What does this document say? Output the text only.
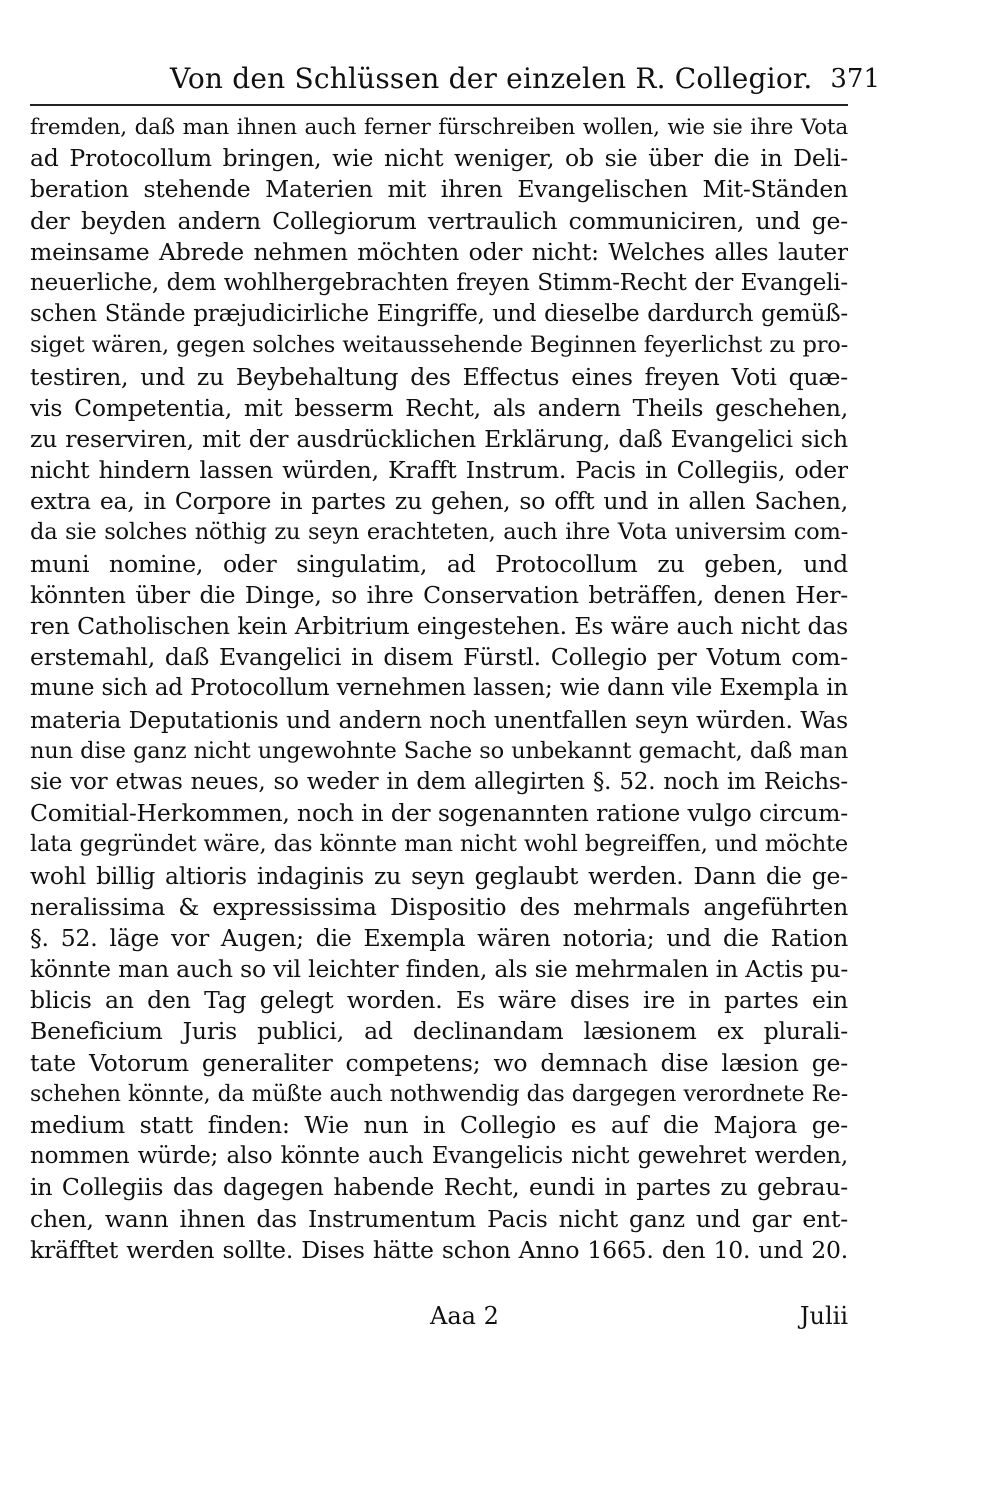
Von den Schlüssen der einzelen R. Collegior. 371
fremden, daß man ihnen auch ferner fürschreiben wollen, wie sie ihre Vota
ad Protocollum bringen, wie nicht weniger, ob sie über die in Deli-
beration stehende Materien mit ihren Evangelischen Mit-Ständen
der beyden andern Collegiorum vertraulich communiciren, und ge-
meinsame Abrede nehmen möchten oder nicht: Welches alles lauter
neuerliche, dem wohlhergebrachten freyen Stimm-Recht der Evangeli-
schen Stände præjudicirliche Eingriffe, und dieselbe dardurch gemüß-
siget wären, gegen solches weitaussehende Beginnen feyerlichst zu pro-
testiren, und zu Beybehaltung des Effectus eines freyen Voti quæ-
vis Competentia, mit besserm Recht, als andern Theils geschehen,
zu reserviren, mit der ausdrücklichen Erklärung, daß Evangelici sich
nicht hindern lassen würden, Krafft Instrum. Pacis in Collegiis, oder
extra ea, in Corpore in partes zu gehen, so offt und in allen Sachen,
da sie solches nöthig zu seyn erachteten, auch ihre Vota universim com-
muni nomine, oder singulatim, ad Protocollum zu geben, und
könnten über die Dinge, so ihre Conservation beträffen, denen Her-
ren Catholischen kein Arbitrium eingestehen. Es wäre auch nicht das
erstemahl, daß Evangelici in disem Fürstl. Collegio per Votum com-
mune sich ad Protocollum vernehmen lassen; wie dann vile Exempla in
materia Deputationis und andern noch unentfallen seyn würden. Was
nun dise ganz nicht ungewohnte Sache so unbekannt gemacht, daß man
sie vor etwas neues, so weder in dem allegirten §. 52. noch im Reichs-
Comitial-Herkommen, noch in der sogenannten ratione vulgo circum-
lata gegründet wäre, das könnte man nicht wohl begreiffen, und möchte
wohl billig altioris indaginis zu seyn geglaubt werden. Dann die ge-
neralissima & expressissima Dispositio des mehrmals angeführten
§. 52. läge vor Augen; die Exempla wären notoria; und die Ration
könnte man auch so vil leichter finden, als sie mehrmalen in Actis pu-
blicis an den Tag gelegt worden. Es wäre dises ire in partes ein
Beneficium Juris publici, ad declinandam læsionem ex plurali-
tate Votorum generaliter competens; wo demnach dise læsion ge-
schehen könnte, da müßte auch nothwendig das dargegen verordnete Re-
medium statt finden: Wie nun in Collegio es auf die Majora ge-
nommen würde; also könnte auch Evangelicis nicht gewehret werden,
in Collegiis das dagegen habende Recht, eundi in partes zu gebrau-
chen, wann ihnen das Instrumentum Pacis nicht ganz und gar ent-
kräfftet werden sollte. Dises hätte schon Anno 1665. den 10. und 20.
Aaa 2	Julii
